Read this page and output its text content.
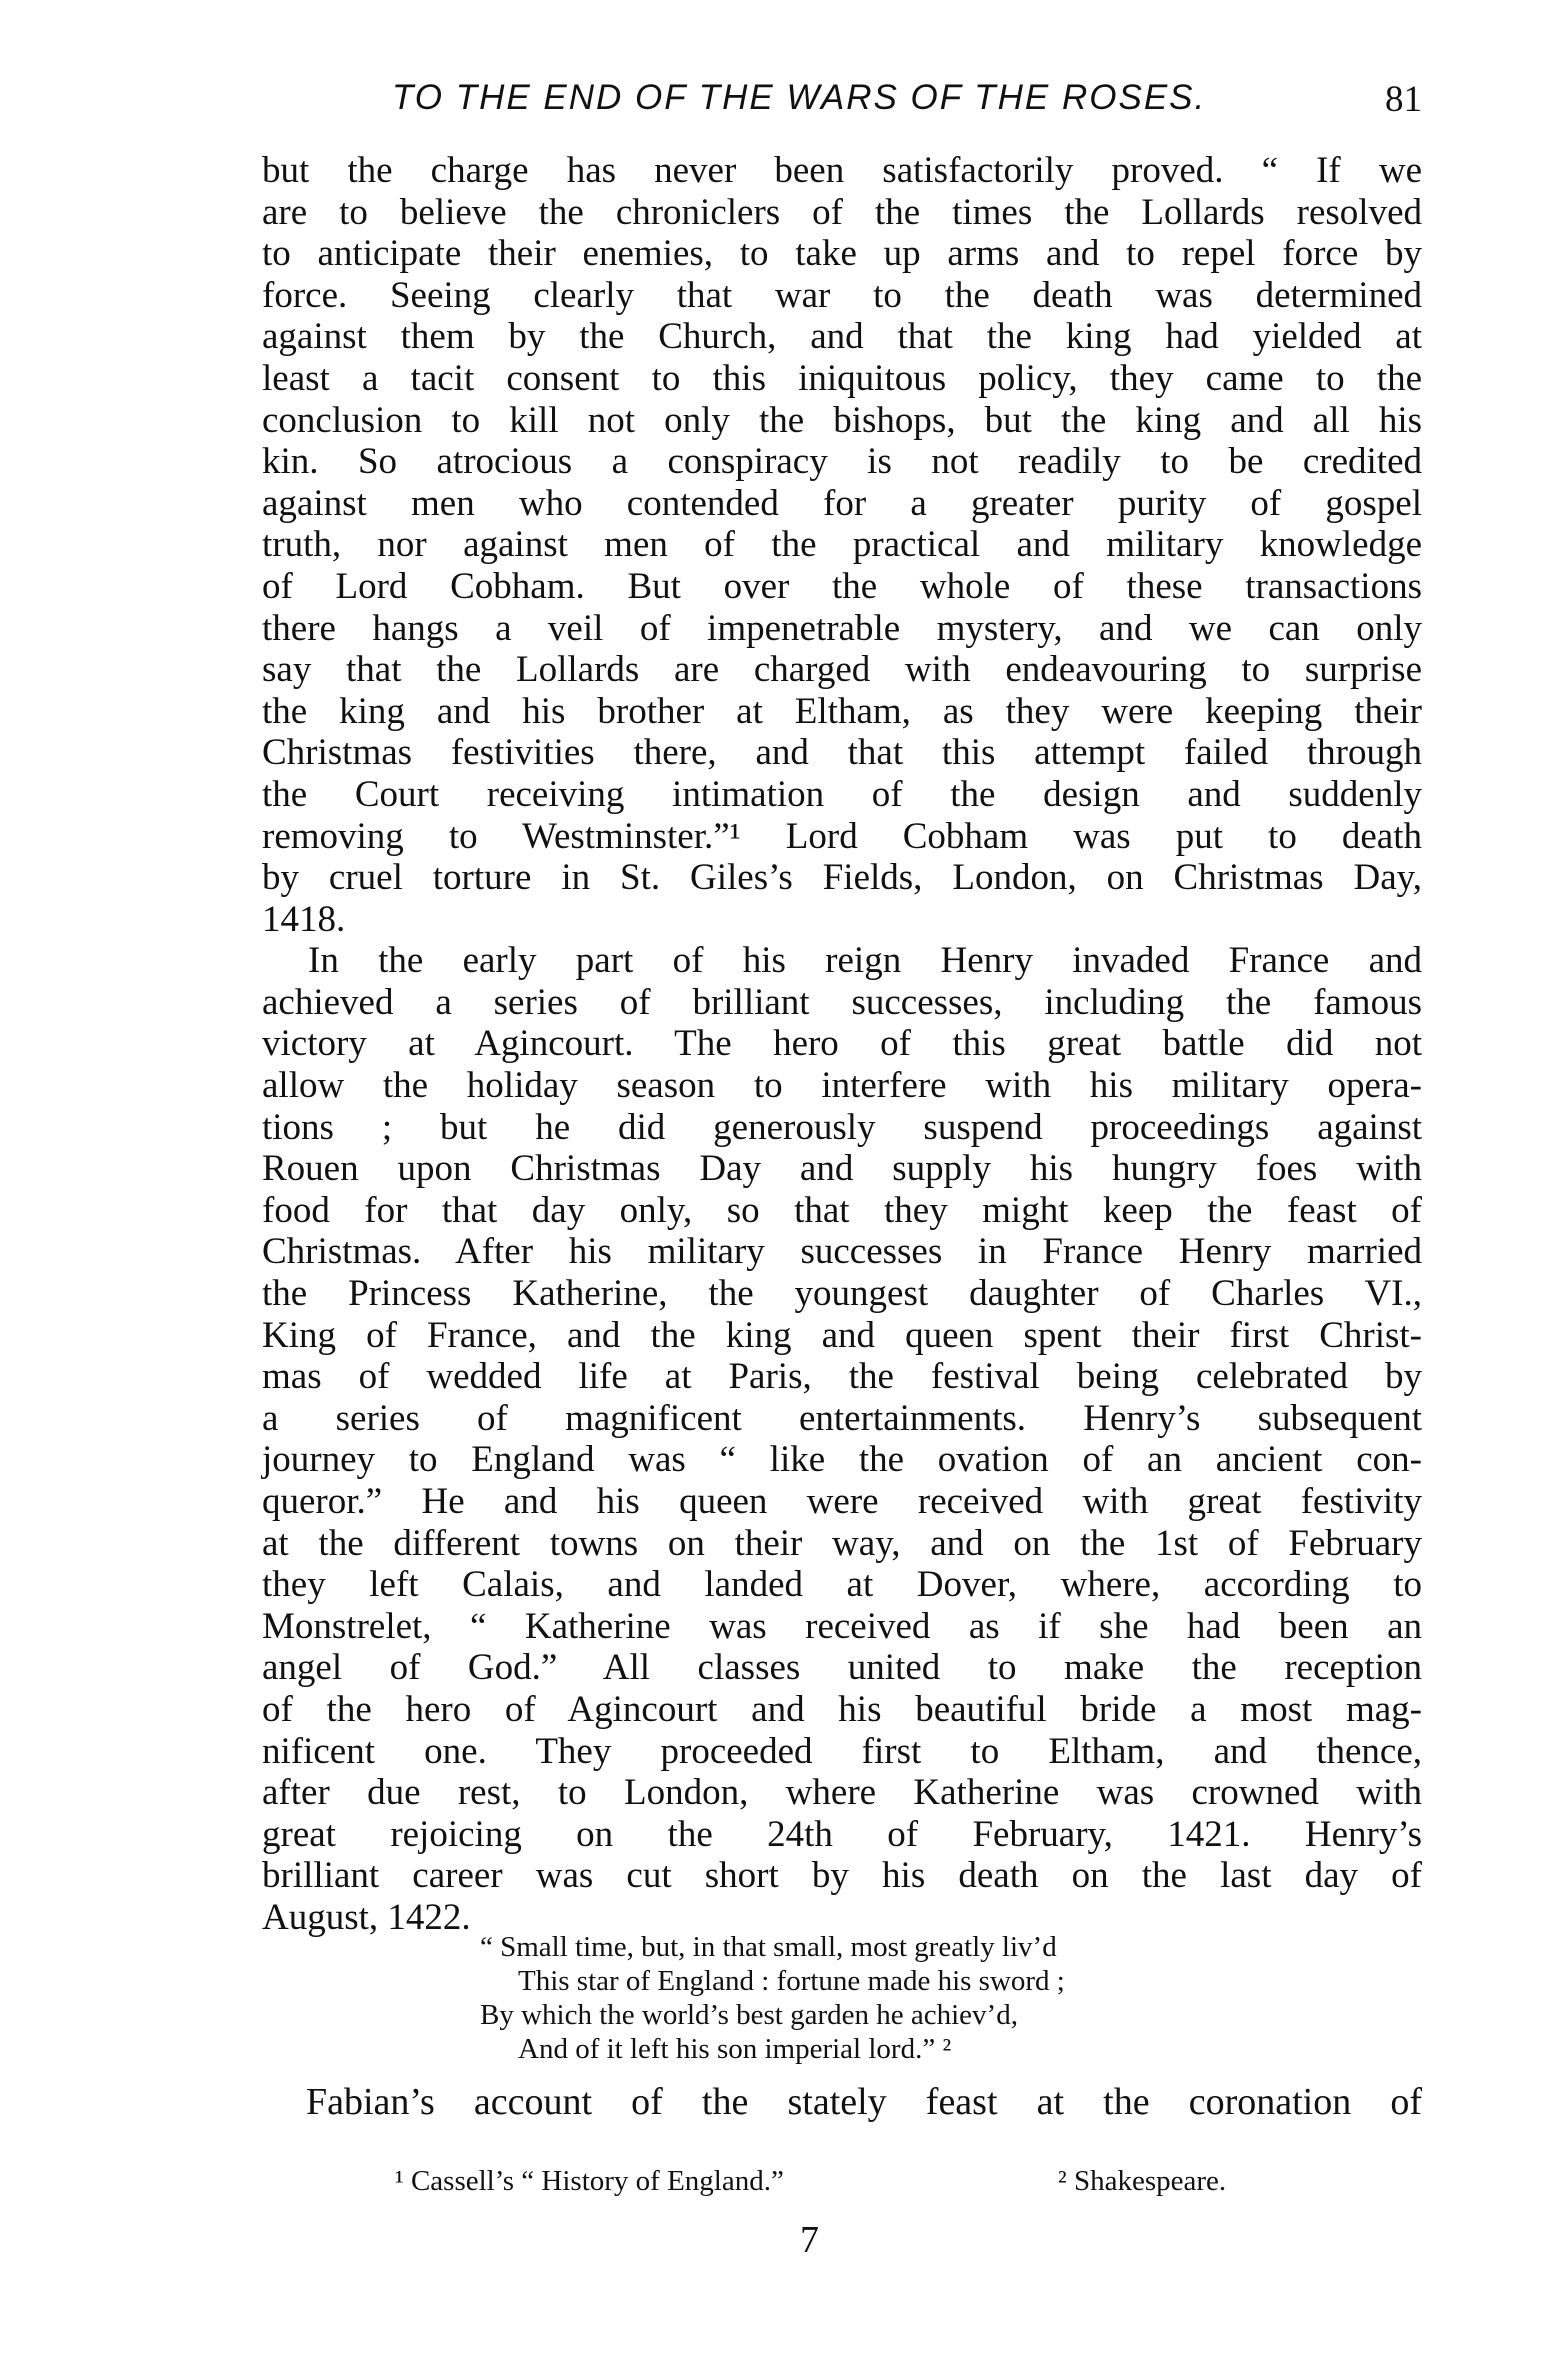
TO THE END OF THE WARS OF THE ROSES.	81
but the charge has never been satisfactorily proved. “ If we
are to believe the chroniclers of the times the Lollards resolved
to anticipate their enemies, to take up arms and to repel force by
force. Seeing clearly that war to the death was determined
against them by the Church, and that the king had yielded at
least a tacit consent to this iniquitous policy, they came to the
conclusion to kill not only the bishops, but the king and all his
kin. So atrocious a conspiracy is not readily to be credited
against men who contended for a greater purity of gospel
truth, nor against men of the practical and military knowledge
of Lord Cobham. But over the whole of these transactions
there hangs a veil of impenetrable mystery, and we can only
say that the Lollards are charged with endeavouring to surprise
the king and his brother at Eltham, as they were keeping their
Christmas festivities there, and that this attempt failed through
the Court receiving intimation of the design and suddenly
removing to Westminster.”¹ Lord Cobham was put to death
by cruel torture in St. Giles’s Fields, London, on Christmas Day,
1418.
In the early part of his reign Henry invaded France and
achieved a series of brilliant successes, including the famous
victory at Agincourt. The hero of this great battle did not
allow the holiday season to interfere with his military opera-
tions ; but he did generously suspend proceedings against
Rouen upon Christmas Day and supply his hungry foes with
food for that day only, so that they might keep the feast of
Christmas. After his military successes in France Henry married
the Princess Katherine, the youngest daughter of Charles VI.,
King of France, and the king and queen spent their first Christ-
mas of wedded life at Paris, the festival being celebrated by
a series of magnificent entertainments. Henry’s subsequent
journey to England was “ like the ovation of an ancient con-
queror.” He and his queen were received with great festivity
at the different towns on their way, and on the 1st of February
they left Calais, and landed at Dover, where, according to
Monstrelet, “ Katherine was received as if she had been an
angel of God.” All classes united to make the reception
of the hero of Agincourt and his beautiful bride a most mag-
nificent one. They proceeded first to Eltham, and thence,
after due rest, to London, where Katherine was crowned with
great rejoicing on the 24th of February, 1421. Henry’s
brilliant career was cut short by his death on the last day of
August, 1422.
“ Small time, but, in that small, most greatly liv’d
This star of England : fortune made his sword ;
By which the world’s best garden he achiev’d,
And of it left his son imperial lord.” ²
Fabian’s account of the stately feast at the coronation of
¹ Cassell’s “ History of England.”	² Shakespeare.
7
